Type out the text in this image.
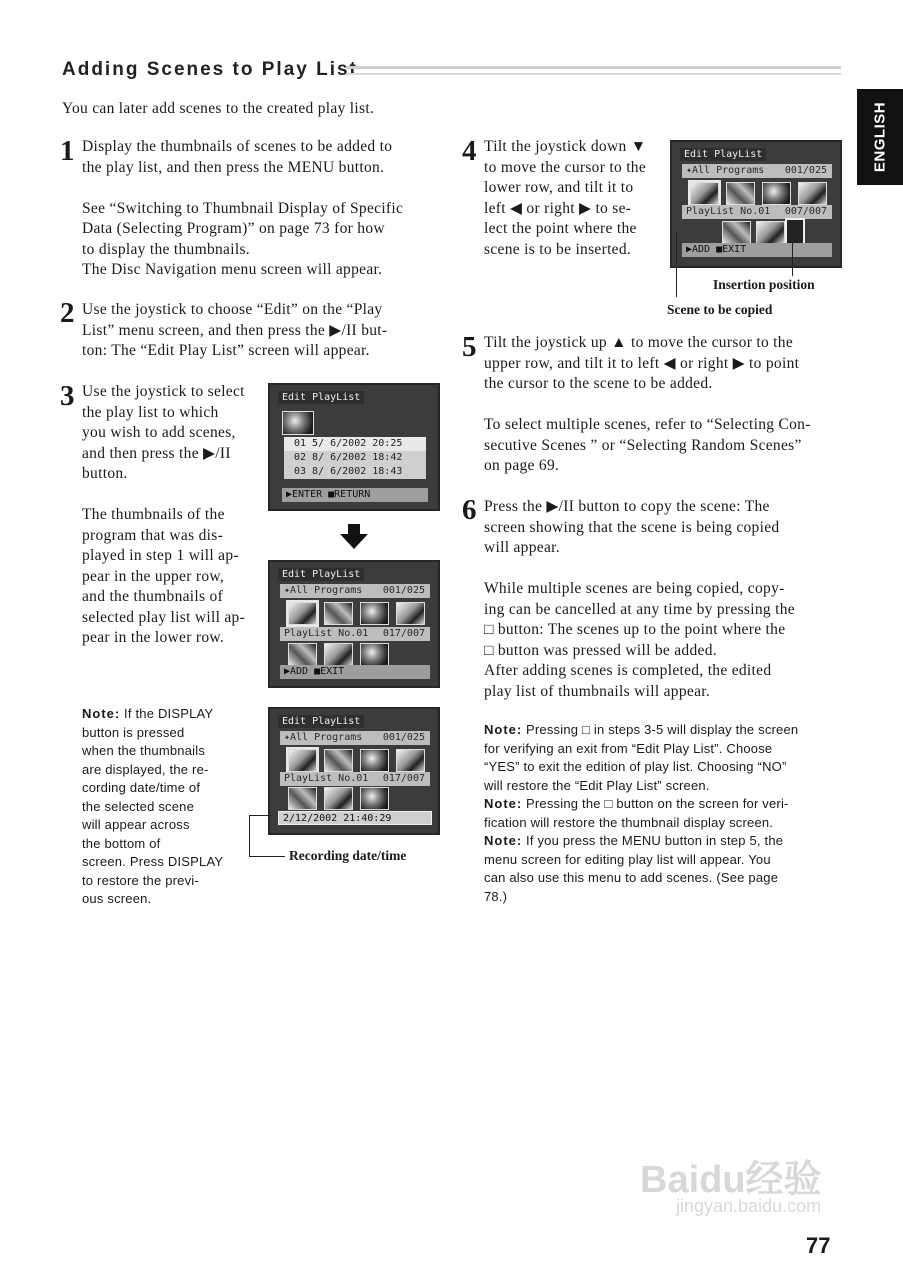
Adding Scenes to Play List
ENGLISH
You can later add scenes to the created play list.
1 Display the thumbnails of scenes to be added to
the play list, and then press the MENU button.
See “Switching to Thumbnail Display of Specific
Data (Selecting Program)” on page 73 for how
to display the thumbnails.
The Disc Navigation menu screen will appear.
2 Use the joystick to choose “Edit” on the “Play
List” menu screen, and then press the ▶/II but-
ton: The “Edit Play List” screen will appear.
3 Use the joystick to select
the play list to which
you wish to add scenes,
and then press the ▶/II
button.
The thumbnails of the
program that was dis-
played in step 1 will ap-
pear in the upper row,
and the thumbnails of
selected play list will ap-
pear in the lower row.
Edit PlayList
01 5/ 6/2002 20:25
02 8/ 6/2002 18:42
03 8/ 6/2002 18:43
▶ENTER ■RETURN
Edit PlayList
✦All Programs 001/025
PlayList No.01 017/007
▶ADD ■EXIT
Note: If the DISPLAY
button is pressed
when the thumbnails
are displayed, the re-
cording date/time of
the selected scene
will appear across
the bottom of
screen. Press DISPLAY
to restore the previ-
ous screen.
Edit PlayList
✦All Programs 001/025
PlayList No.01 017/007
2/12/2002 21:40:29
Recording date/time
4 Tilt the joystick down ▼
to move the cursor to the
lower row, and tilt it to
left ◀ or right ▶ to se-
lect the point where the
scene is to be inserted.
Edit PlayList
✦All Programs 001/025
PlayList No.01 007/007
▶ADD ■EXIT
Insertion position
Scene to be copied
5 Tilt the joystick up ▲ to move the cursor to the
upper row, and tilt it to left ◀ or right ▶ to point
the cursor to the scene to be added.
To select multiple scenes, refer to “Selecting Con-
secutive Scenes ” or “Selecting Random Scenes”
on page 69.
6 Press the ▶/II button to copy the scene: The
screen showing that the scene is being copied
will appear.
While multiple scenes are being copied, copy-
ing can be cancelled at any time by pressing the
□ button: The scenes up to the point where the
□ button was pressed will be added.
After adding scenes is completed, the edited
play list of thumbnails will appear.
Note: Pressing □ in steps 3-5 will display the screen
for verifying an exit from “Edit Play List”. Choose
“YES” to exit the edition of play list. Choosing “NO”
will restore the “Edit Play List” screen.
Note: Pressing the □ button on the screen for veri-
fication will restore the thumbnail display screen.
Note: If you press the MENU button in step 5, the
menu screen for editing play list will appear. You
can also use this menu to add scenes. (See page
78.)
Baidu经验
jingyan.baidu.com
77
